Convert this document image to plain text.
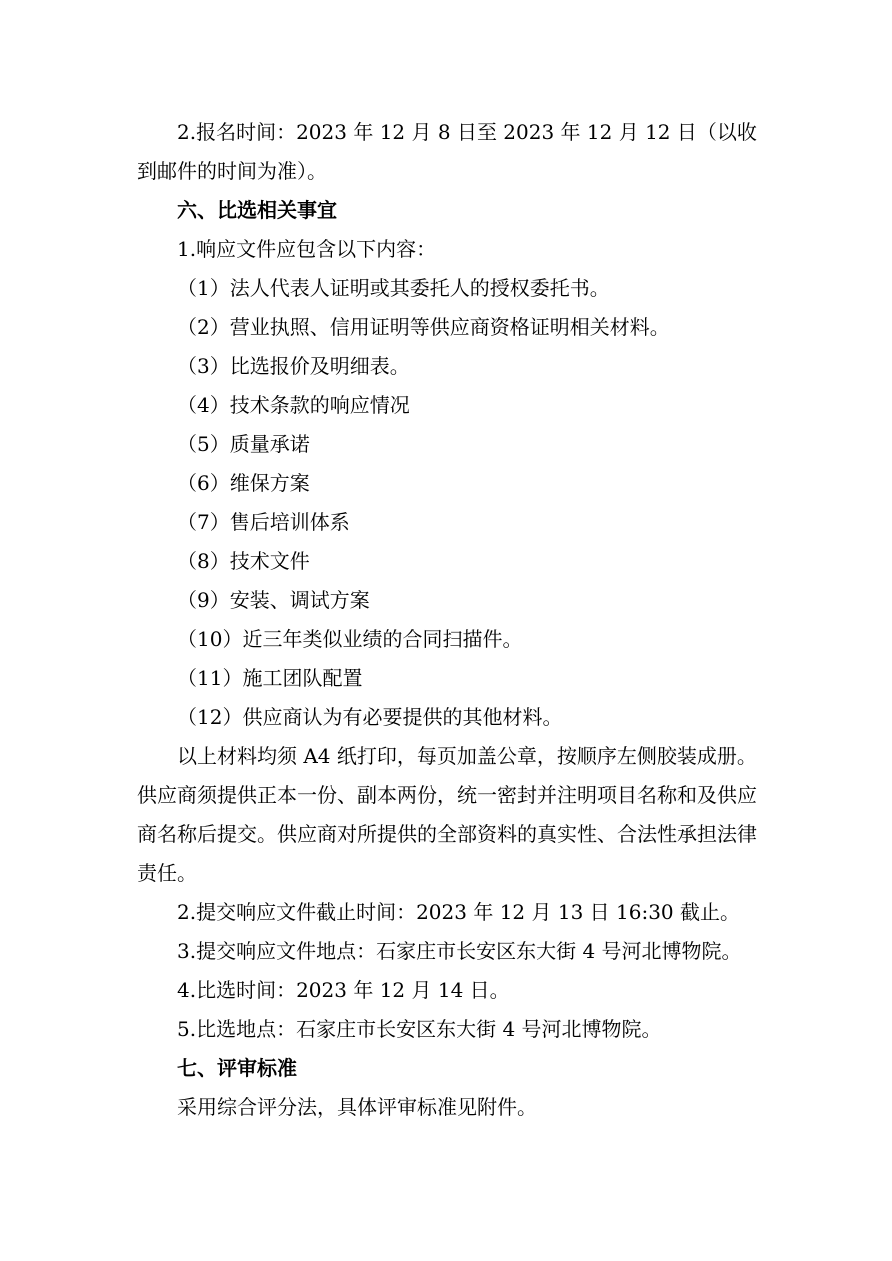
2.报名时间：2023 年 12 月 8 日至 2023 年 12 月 12 日（以收到邮件的时间为准）。

六、比选相关事宜

1.响应文件应包含以下内容：

（1）法人代表人证明或其委托人的授权委托书。

（2）营业执照、信用证明等供应商资格证明相关材料。

（3）比选报价及明细表。

（4）技术条款的响应情况

（5）质量承诺

（6）维保方案

（7）售后培训体系

（8）技术文件

（9）安装、调试方案

（10）近三年类似业绩的合同扫描件。

（11）施工团队配置

（12）供应商认为有必要提供的其他材料。

以上材料均须 A4 纸打印，每页加盖公章，按顺序左侧胶装成册。供应商须提供正本一份、副本两份，统一密封并注明项目名称和及供应商名称后提交。供应商对所提供的全部资料的真实性、合法性承担法律责任。

2.提交响应文件截止时间：2023 年 12 月 13 日 16:30 截止。

3.提交响应文件地点：石家庄市长安区东大街 4 号河北博物院。

4.比选时间：2023 年 12 月 14 日。

5.比选地点：石家庄市长安区东大街 4 号河北博物院。

七、评审标准

采用综合评分法，具体评审标准见附件。
